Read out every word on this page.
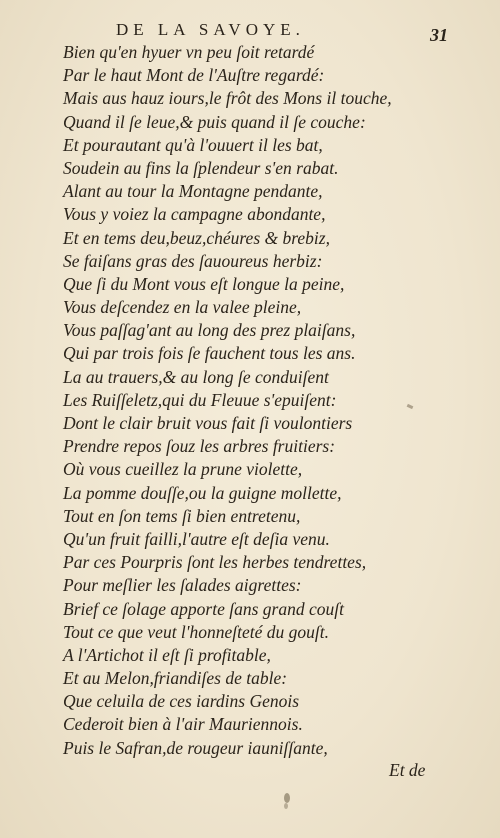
DE LA SAVOYE.	31
Bien qu'en hyuer vn peu ſoit retardé
Par le haut Mont de l'Auſtre regardé:
Mais aus hauz iours,le frôt des Mons il touche,
Quand il ſe leue,& puis quand il ſe couche:
Et pourautant qu'à l'ouuert il les bat,
Soudein au fins la ſplendeur s'en rabat.
Alant au tour la Montagne pendante,
Vous y voiez la campagne abondante,
Et en tems deu,beuz,chéures & brebiz,
Se faiſans gras des ſauoureus herbiz:
Que ſi du Mont vous eſt longue la peine,
Vous deſcendez en la valee pleine,
Vous paſſag'ant au long des prez plaiſans,
Qui par trois fois ſe fauchent tous les ans.
La au trauers,& au long ſe conduiſent
Les Ruiſſeletz,qui du Fleuue s'epuiſent:
Dont le clair bruit vous fait ſi voulontiers
Prendre repos ſouz les arbres fruitiers:
Où vous cueillez la prune violette,
La pomme douſſe,ou la guigne mollette,
Tout en ſon tems ſi bien entretenu,
Qu'un fruit failli,l'autre eſt deſia venu.
Par ces Pourpris ſont les herbes tendrettes,
Pour meſlier les ſalades aigrettes:
Brief ce ſolage apporte ſans grand couſt
Tout ce que veut l'honneſteté du gouſt.
A l'Artichot il eſt ſi profitable,
Et au Melon,friandiſes de table:
Que celuila de ces iardins Genois
Cederoit bien à l'air Mauriennois.
Puis le Safran,de rougeur iauniſſante,
Et de
